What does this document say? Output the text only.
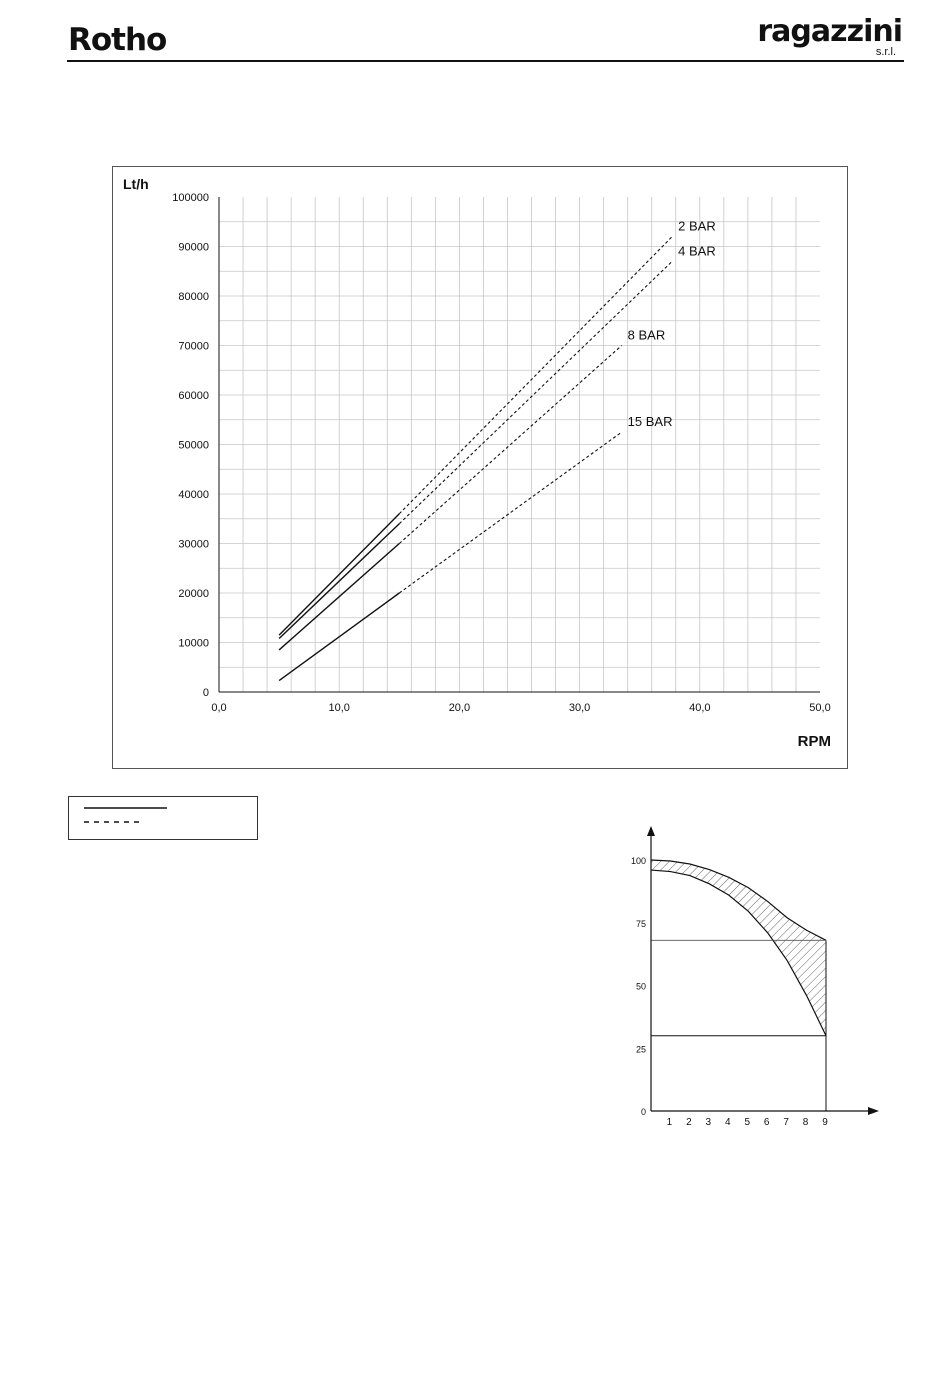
Rotho	ragazzini
s.r.l.
0
10000
20000
30000
40000
50000
60000
70000
80000
90000
100000
0,0	10,0	20,0	30,0	40,0	50,0
2 BAR
4 BAR
8 BAR
15 BAR
Lt/h
RPM
0
25
50
75
100
1 2 3 4 5 6 7 8 9
